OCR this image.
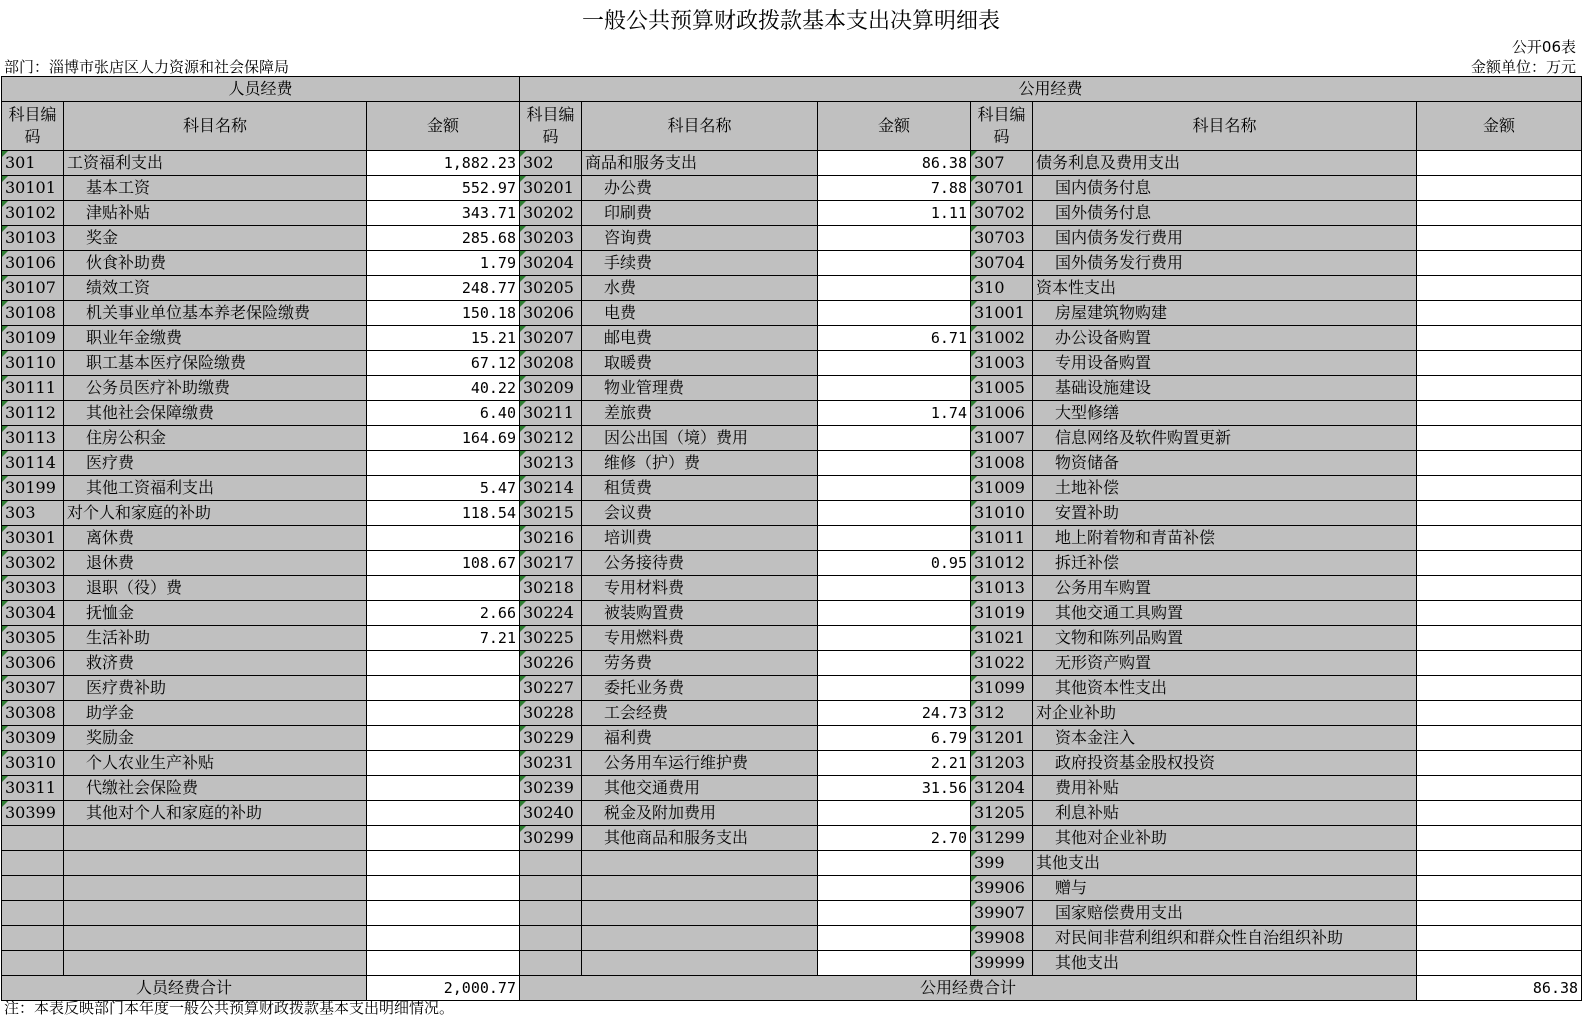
一般公共预算财政拨款基本支出决算明细表
公开06表
部门：淄博市张店区人力资源和社会保障局	金额单位：万元
人员经费			公用经费					
科目编码	科目名称	金额	科目编码	科目名称	金额	科目编码	科目名称	金额
301	工资福利支出	1,882.23	302	商品和服务支出	86.38	307	债务利息及费用支出	
30101	基本工资	552.97	30201	办公费	7.88	30701	国内债务付息	
30102	津贴补贴	343.71	30202	印刷费	1.11	30702	国外债务付息	
30103	奖金	285.68	30203	咨询费		30703	国内债务发行费用	
30106	伙食补助费	1.79	30204	手续费		30704	国外债务发行费用	
30107	绩效工资	248.77	30205	水费		310	资本性支出	
30108	机关事业单位基本养老保险缴费	150.18	30206	电费		31001	房屋建筑物购建	
30109	职业年金缴费	15.21	30207	邮电费	6.71	31002	办公设备购置	
30110	职工基本医疗保险缴费	67.12	30208	取暖费		31003	专用设备购置	
30111	公务员医疗补助缴费	40.22	30209	物业管理费		31005	基础设施建设	
30112	其他社会保障缴费	6.40	30211	差旅费	1.74	31006	大型修缮	
30113	住房公积金	164.69	30212	因公出国（境）费用		31007	信息网络及软件购置更新	
30114	医疗费		30213	维修（护）费		31008	物资储备	
30199	其他工资福利支出	5.47	30214	租赁费		31009	土地补偿	
303	对个人和家庭的补助	118.54	30215	会议费		31010	安置补助	
30301	离休费		30216	培训费		31011	地上附着物和青苗补偿	
30302	退休费	108.67	30217	公务接待费	0.95	31012	拆迁补偿	
30303	退职（役）费		30218	专用材料费		31013	公务用车购置	
30304	抚恤金	2.66	30224	被装购置费		31019	其他交通工具购置	
30305	生活补助	7.21	30225	专用燃料费		31021	文物和陈列品购置	
30306	救济费		30226	劳务费		31022	无形资产购置	
30307	医疗费补助		30227	委托业务费		31099	其他资本性支出	
30308	助学金		30228	工会经费	24.73	312	对企业补助	
30309	奖励金		30229	福利费	6.79	31201	资本金注入	
30310	个人农业生产补贴		30231	公务用车运行维护费	2.21	31203	政府投资基金股权投资	
30311	代缴社会保险费		30239	其他交通费用	31.56	31204	费用补贴	
30399	其他对个人和家庭的补助		30240	税金及附加费用		31205	利息补贴	
			30299	其他商品和服务支出	2.70	31299	其他对企业补助	
						399	其他支出	
						39906	赠与	
						39907	国家赔偿费用支出	
						39908	对民间非营利组织和群众性自治组织补助	
						39999	其他支出	
人员经费合计		2,000.77	公用经费合计					86.38
注：本表反映部门本年度一般公共预算财政拨款基本支出明细情况。
